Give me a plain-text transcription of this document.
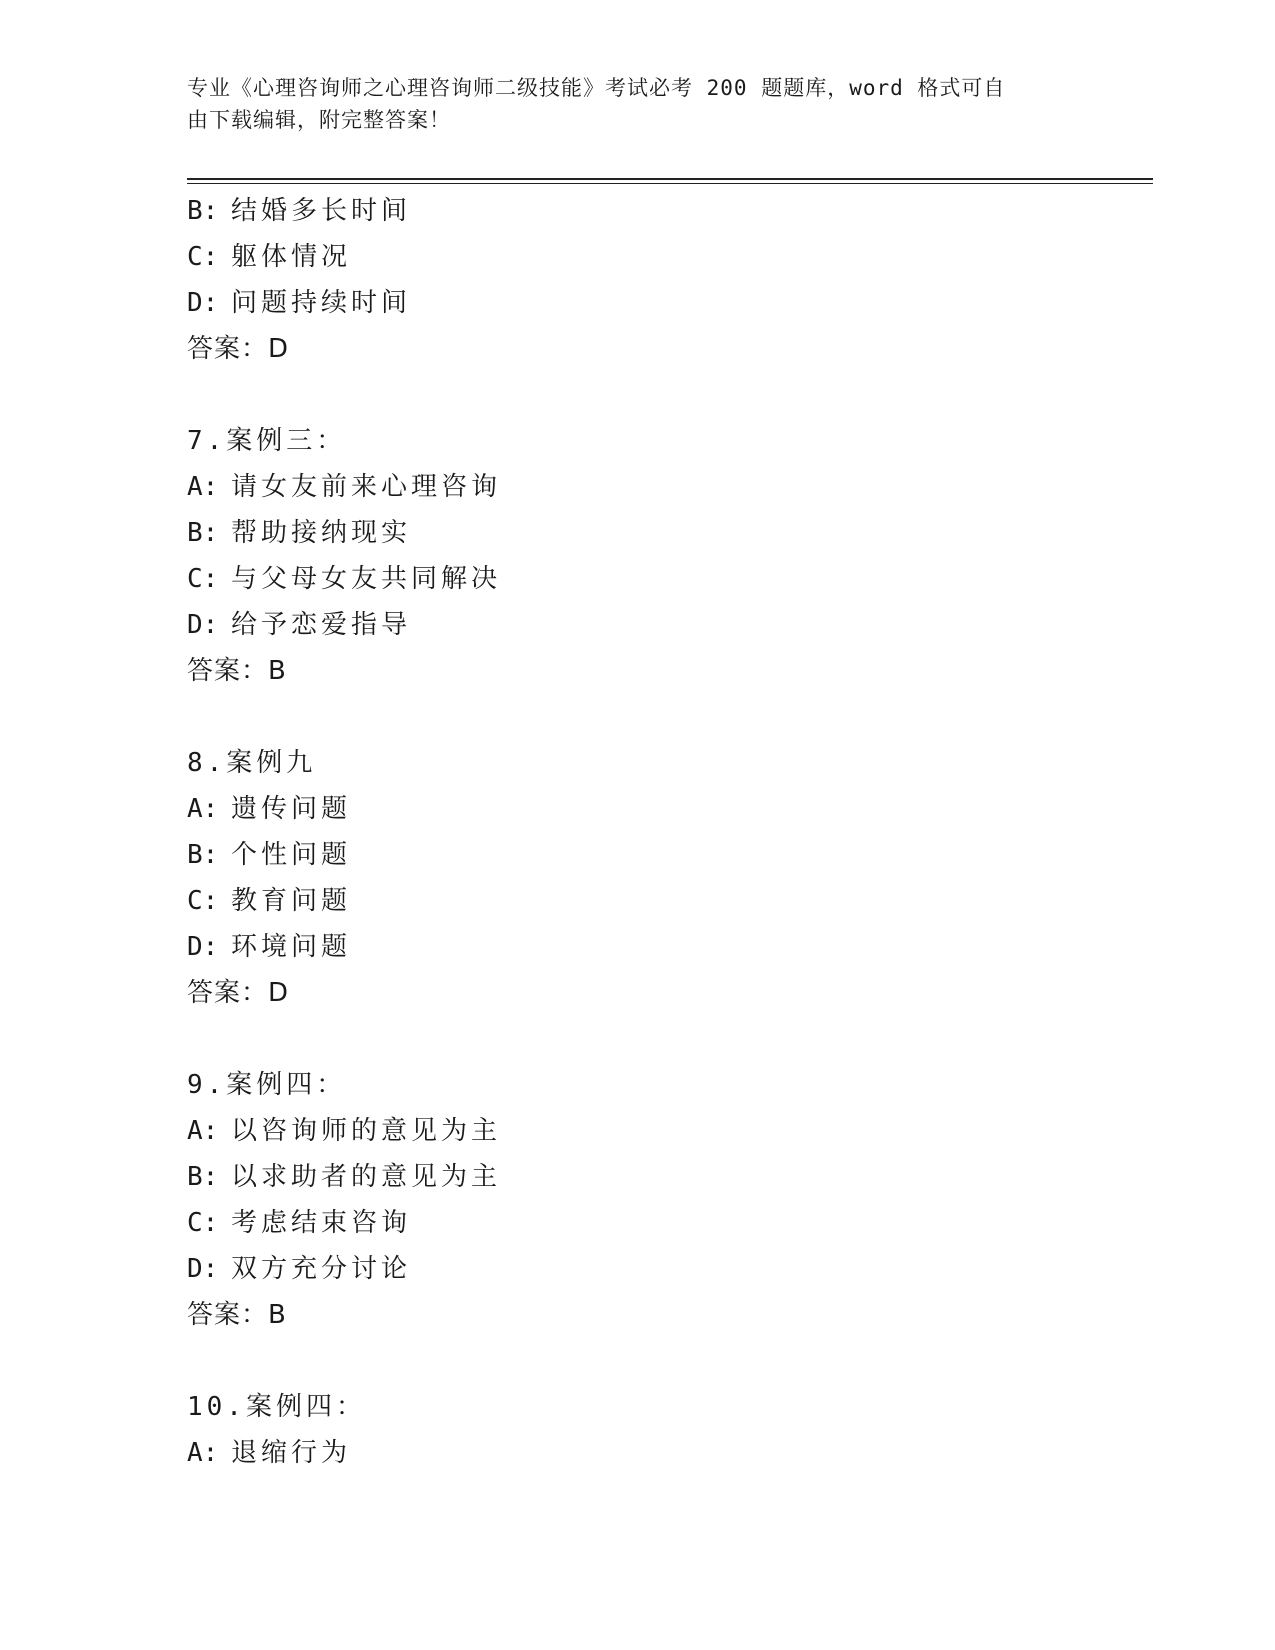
专业《心理咨询师之心理咨询师二级技能》考试必考 200 题题库，word 格式可自
由下载编辑，附完整答案！
B: 结婚多长时间
C: 躯体情况
D: 问题持续时间
答案：D
7.案例三：
A: 请女友前来心理咨询
B: 帮助接纳现实
C: 与父母女友共同解决
D: 给予恋爱指导
答案：B
8.案例九
A: 遗传问题
B: 个性问题
C: 教育问题
D: 环境问题
答案：D
9.案例四：
A: 以咨询师的意见为主
B: 以求助者的意见为主
C: 考虑结束咨询
D: 双方充分讨论
答案：B
10.案例四：
A: 退缩行为
